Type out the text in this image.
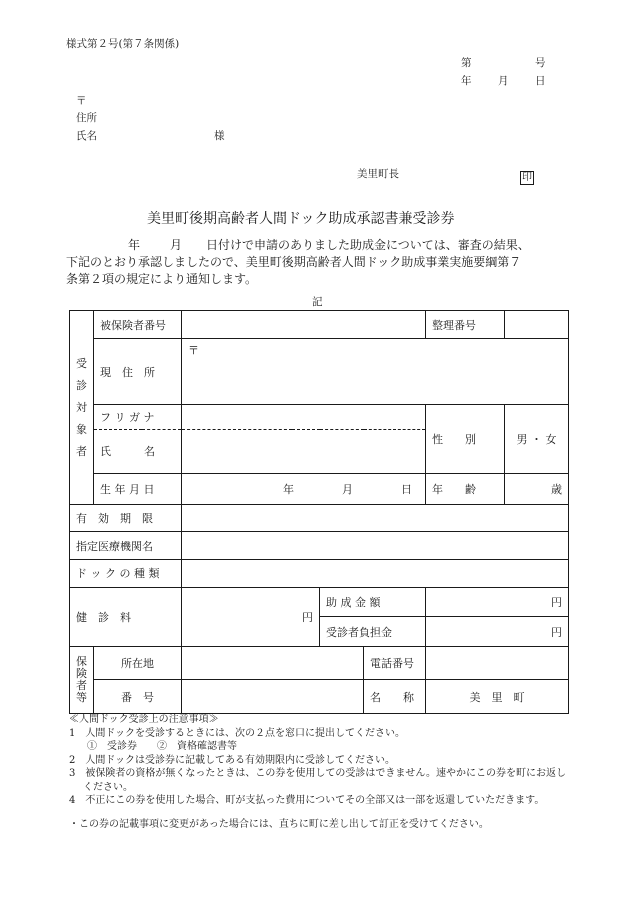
様式第２号(第７条関係)
第	号
年	月	日
〒
住所
氏名	様
美里町長	印
美里町後期高齢者人間ドック助成承認書兼受診券
年	月 日付けで申請のありました助成金については、審査の結果、
下記のとおり承認しましたので、美里町後期高齢者人間ドック助成事業実施要綱第７
条第２項の規定により通知します。
記
受
診
対
象
者	被保険者番号				整理番号	
	現　住　所	〒				
	フ リ ガ ナ				性　　別	男 ・ 女
	氏　　　名					
	生 年 月 日	年 月 日			年　　齢	歳
有　効　期　限						
指定医療機関名						
ド ッ ク の 種 類						
健　診　料		円	助 成 金 額		円	
			受診者負担金		円	

保
険
者
等	所在地			電話番号		
	番　号			名　　称	美　里　町	
≪人間ドック受診上の注意事項≫
1　人間ドックを受診するときには、次の２点を窓口に提出してください。
①　受診券　　②　資格確認書等
2　人間ドックは受診券に記載してある有効期限内に受診してください。
3　被保険者の資格が無くなったときは、この券を使用しての受診はできません。速やかにこの券を町にお返しください。
4　不正にこの券を使用した場合、町が支払った費用についてその全部又は一部を返還していただきます。
・この券の記載事項に変更があった場合には、直ちに町に差し出して訂正を受けてください。
